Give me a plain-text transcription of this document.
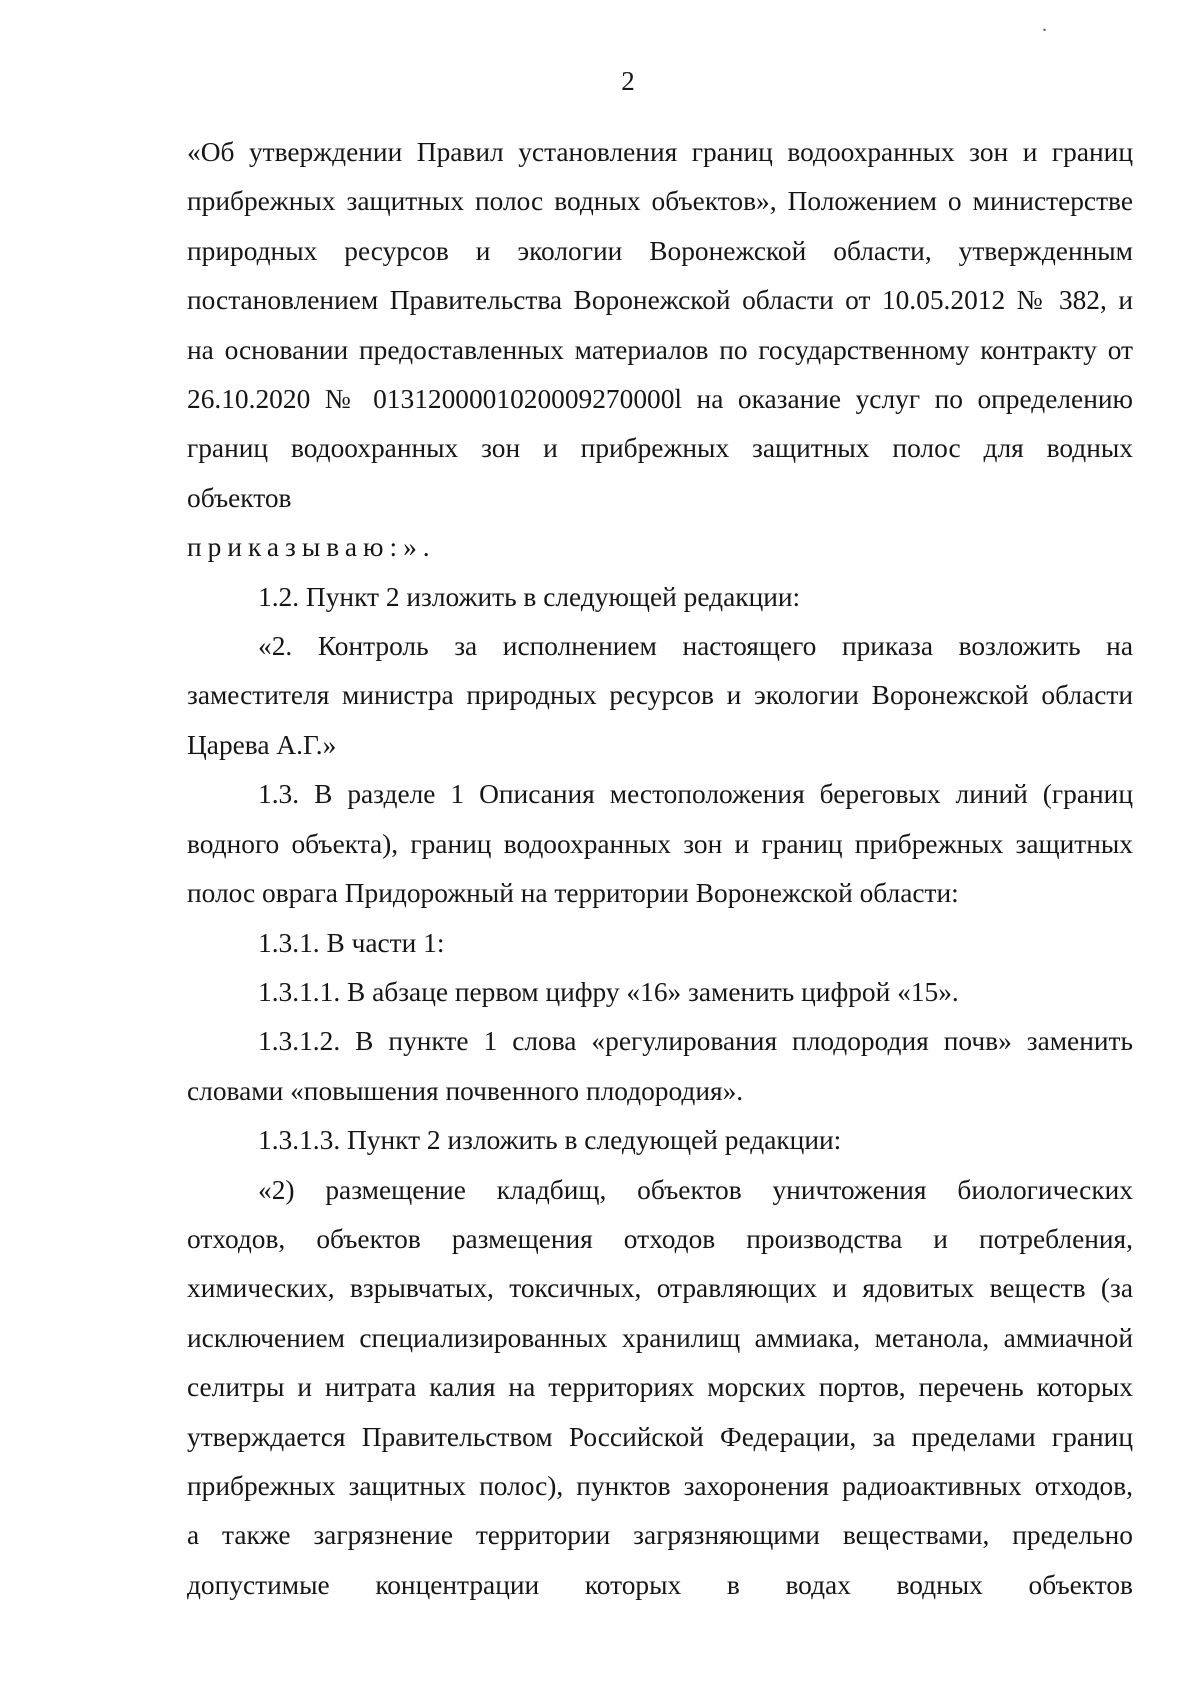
.
2
«Об утверждении Правил установления границ водоохранных зон и границ
прибрежных защитных полос водных объектов», Положением о министерстве
природных ресурсов и экологии Воронежской области, утвержденным
постановлением Правительства Воронежской области от 10.05.2012 № 382, и
на основании предоставленных материалов по государственному контракту от
26.10.2020 № 0131200001020009270000l на оказание услуг по определению
границ водоохранных зон и прибрежных защитных полос для водных
объектов
приказываю:».
1.2. Пункт 2 изложить в следующей редакции:
«2. Контроль за исполнением настоящего приказа возложить на
заместителя министра природных ресурсов и экологии Воронежской области
Царева А.Г.»
1.3. В разделе 1 Описания местоположения береговых линий (границ
водного объекта), границ водоохранных зон и границ прибрежных защитных
полос оврага Придорожный на территории Воронежской области:
1.3.1. В части 1:
1.3.1.1. В абзаце первом цифру «16» заменить цифрой «15».
1.3.1.2. В пункте 1 слова «регулирования плодородия почв» заменить
словами «повышения почвенного плодородия».
1.3.1.3. Пункт 2 изложить в следующей редакции:
«2) размещение кладбищ, объектов уничтожения биологических
отходов, объектов размещения отходов производства и потребления,
химических, взрывчатых, токсичных, отравляющих и ядовитых веществ (за
исключением специализированных хранилищ аммиака, метанола, аммиачной
селитры и нитрата калия на территориях морских портов, перечень которых
утверждается Правительством Российской Федерации, за пределами границ
прибрежных защитных полос), пунктов захоронения радиоактивных отходов,
а также загрязнение территории загрязняющими веществами, предельно
допустимые концентрации которых в водах водных объектов
